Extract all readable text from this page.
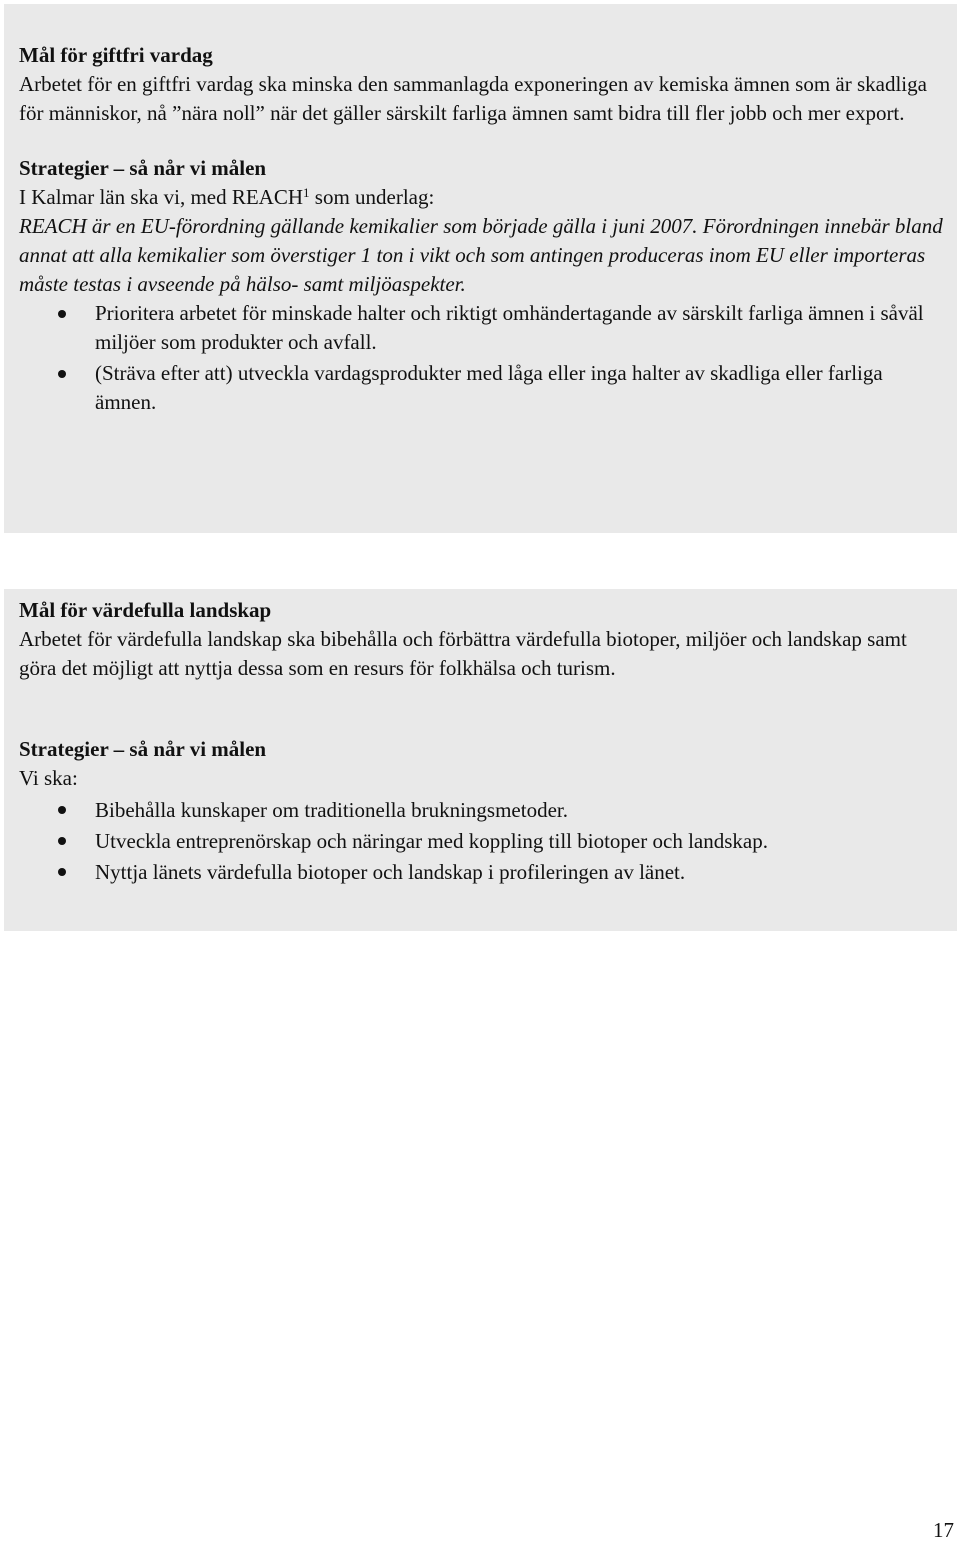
Mål för giftfri vardag

Arbetet för en giftfri vardag ska minska den sammanlagda exponeringen av kemiska ämnen som är skadliga för människor, nå ”nära noll” när det gäller särskilt farliga ämnen samt bidra till fler jobb och mer export.

Strategier – så når vi målen

I Kalmar län ska vi, med REACH$^1$ som underlag:

REACH är en EU-förordning gällande kemikalier som började gälla i juni 2007. Förordningen innebär bland annat att alla kemikalier som överstiger 1 ton i vikt och som antingen produceras inom EU eller importeras måste testas i avseende på hälso- samt miljöaspekter.

Prioritera arbetet för minskade halter och riktigt omhändertagande av särskilt farliga ämnen i såväl miljöer som produkter och avfall.
(Sträva efter att) utveckla vardagsprodukter med låga eller inga halter av skadliga eller farliga ämnen.

Mål för värdefulla landskap

Arbetet för värdefulla landskap ska bibehålla och förbättra värdefulla biotoper, miljöer och landskap samt göra det möjligt att nyttja dessa som en resurs för folkhälsa och turism.

Strategier – så når vi målen

Vi ska:

Bibehålla kunskaper om traditionella brukningsmetoder.
Utveckla entreprenörskap och näringar med koppling till biotoper och landskap.
Nyttja länets värdefulla biotoper och landskap i profileringen av länet.
17
